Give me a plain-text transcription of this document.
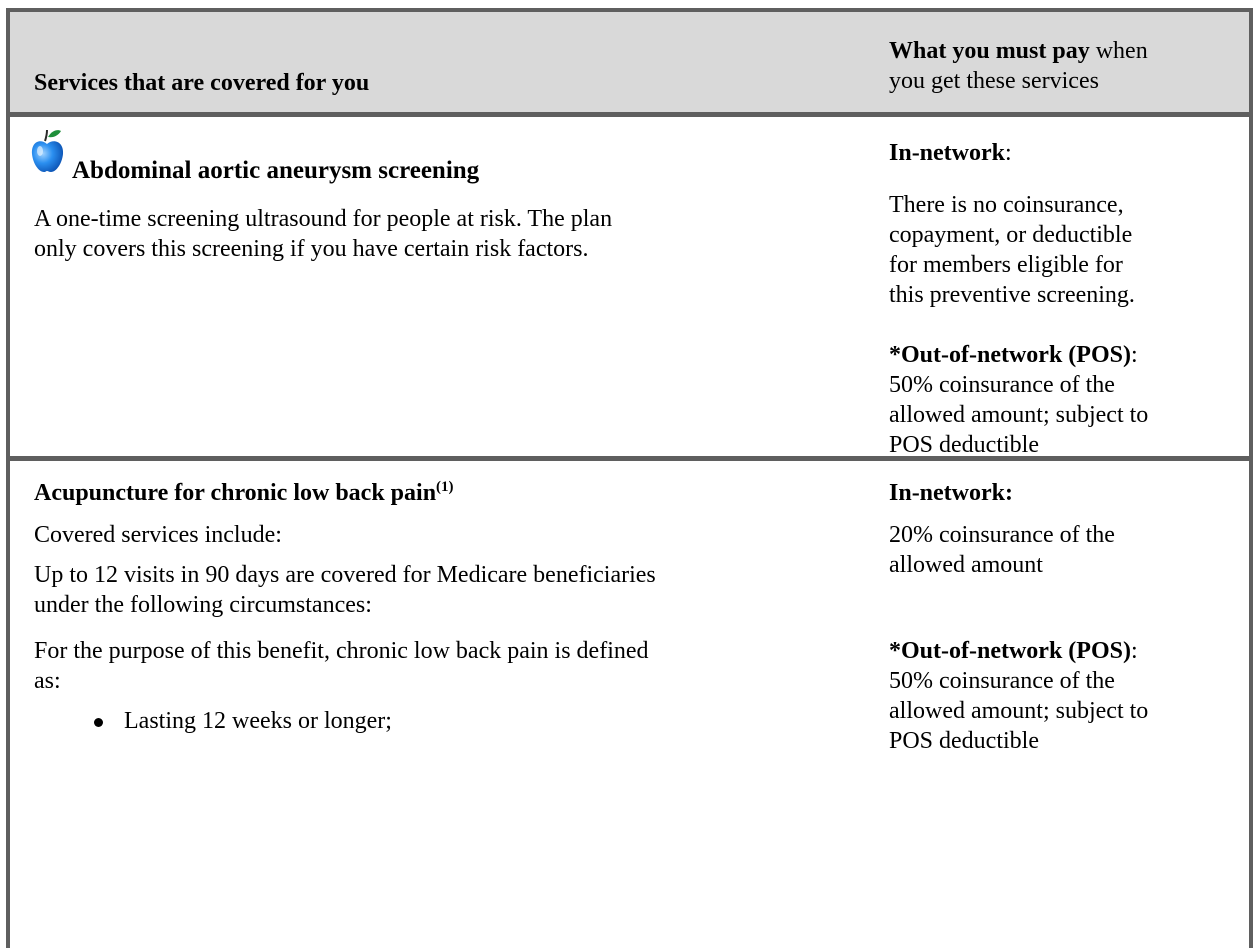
Services that are covered for you
What you must pay when
you get these services
Abdominal aortic aneurysm screening
A one-time screening ultrasound for people at risk. The plan
only covers this screening if you have certain risk factors.
In-network:
There is no coinsurance,
copayment, or deductible
for members eligible for
this preventive screening.
*Out-of-network (POS):
50% coinsurance of the
allowed amount; subject to
POS deductible
Acupuncture for chronic low back pain$^{(1)}$
Covered services include:
Up to 12 visits in 90 days are covered for Medicare beneficiaries
under the following circumstances:
For the purpose of this benefit, chronic low back pain is defined
as:
Lasting 12 weeks or longer;
In-network:
20% coinsurance of the
allowed amount
*Out-of-network (POS):
50% coinsurance of the
allowed amount; subject to
POS deductible
